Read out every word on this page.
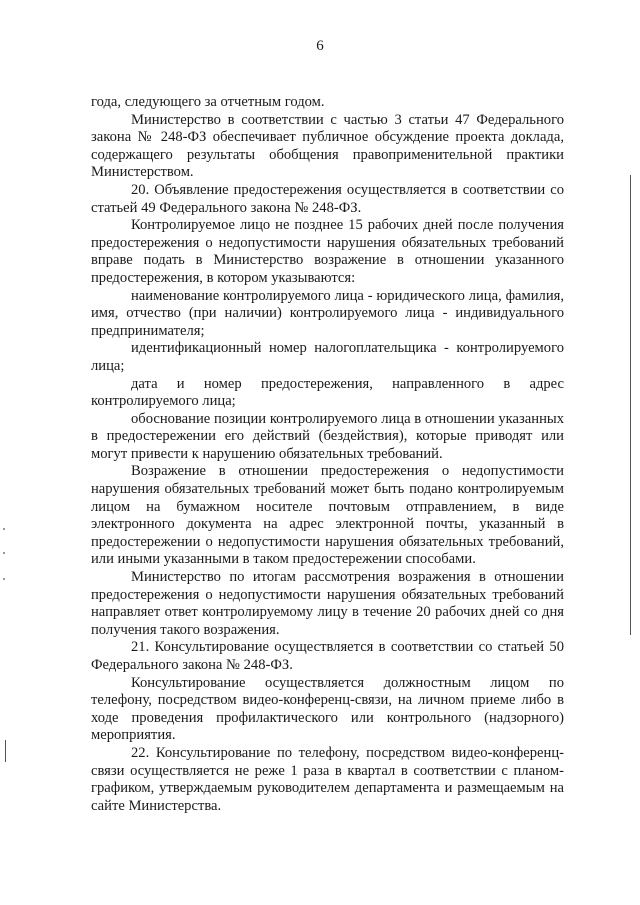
6

года, следующего за отчетным годом.

Министерство в соответствии с частью 3 статьи 47 Федерального закона № 248-ФЗ обеспечивает публичное обсуждение проекта доклада, содержащего результаты обобщения правоприменительной практики Министерством.

20. Объявление предостережения осуществляется в соответствии со статьей 49 Федерального закона № 248-ФЗ.

Контролируемое лицо не позднее 15 рабочих дней после получения предостережения о недопустимости нарушения обязательных требований вправе подать в Министерство возражение в отношении указанного предостережения, в котором указываются:

наименование контролируемого лица - юридического лица, фамилия, имя, отчество (при наличии) контролируемого лица - индивидуального предпринимателя;

идентификационный номер налогоплательщика - контролируемого лица;

дата и номер предостережения, направленного в адрес контролируемого лица;

обоснование позиции контролируемого лица в отношении указанных в предостережении его действий (бездействия), которые приводят или могут привести к нарушению обязательных требований.

Возражение в отношении предостережения о недопустимости нарушения обязательных требований может быть подано контролируемым лицом на бумажном носителе почтовым отправлением, в виде электронного документа на адрес электронной почты, указанный в предостережении о недопустимости нарушения обязательных требований, или иными указанными в таком предостережении способами.

Министерство по итогам рассмотрения возражения в отношении предостережения о недопустимости нарушения обязательных требований направляет ответ контролируемому лицу в течение 20 рабочих дней со дня получения такого возражения.

21. Консультирование осуществляется в соответствии со статьей 50 Федерального закона № 248-ФЗ.

Консультирование осуществляется должностным лицом по телефону, посредством видео-конференц-связи, на личном приеме либо в ходе проведения профилактического или контрольного (надзорного) мероприятия.

22. Консультирование по телефону, посредством видео-конференц-связи осуществляется не реже 1 раза в квартал в соответствии с планом-графиком, утверждаемым руководителем департамента и размещаемым на сайте Министерства.
